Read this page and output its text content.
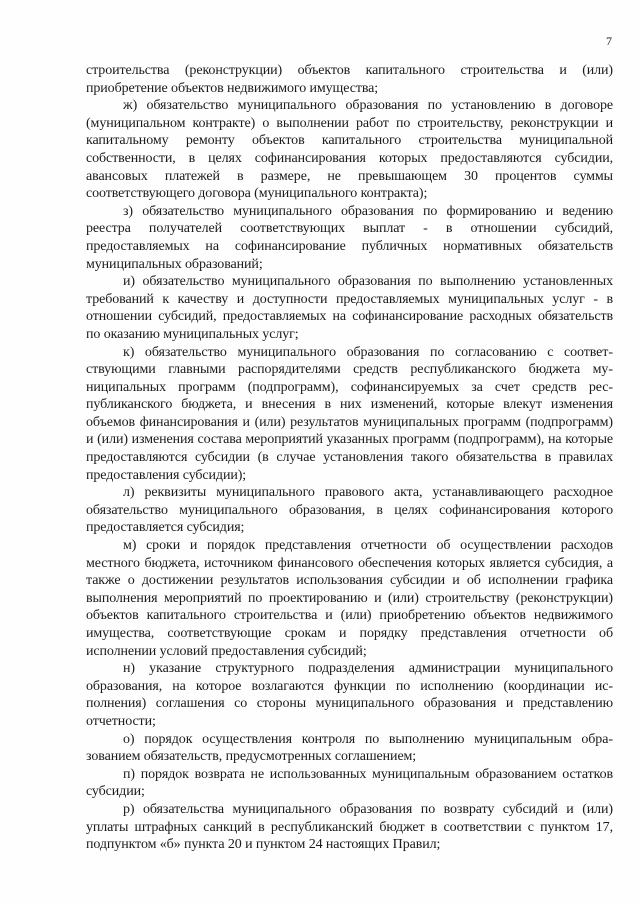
7

строительства (реконструкции) объектов капитального строительства и (или) приобретение объектов недвижимого имущества;

ж) обязательство муниципального образования по установлению в договоре (муниципальном контракте) о выполнении работ по строительству, реконструкции и капитальному ремонту объектов капитального строительства муниципальной собственности, в целях софинансирования которых предоставляются субсидии, авансовых платежей в размере, не превышающем 30 процентов суммы соответствующего договора (муниципального контракта);

з) обязательство муниципального образования по формированию и ведению реестра получателей соответствующих выплат - в отношении субсидий, предоставляемых на софинансирование публичных нормативных обязательств муниципальных образований;

и) обязательство муниципального образования по выполнению установленных требований к качеству и доступности предоставляемых муниципальных услуг - в отношении субсидий, предоставляемых на софинансирование расходных обязательств по оказанию муниципальных услуг;

к) обязательство муниципального образования по согласованию с соответствующими главными распорядителями средств республиканского бюджета муниципальных программ (подпрограмм), софинансируемых за счет средств республиканского бюджета, и внесения в них изменений, которые влекут изменения объемов финансирования и (или) результатов муниципальных программ (подпрограмм) и (или) изменения состава мероприятий указанных программ (подпрограмм), на которые предоставляются субсидии (в случае установления такого обязательства в правилах предоставления субсидии);

л) реквизиты муниципального правового акта, устанавливающего расходное обязательство муниципального образования, в целях софинансирования которого предоставляется субсидия;

м) сроки и порядок представления отчетности об осуществлении расходов местного бюджета, источником финансового обеспечения которых является субсидия, а также о достижении результатов использования субсидии и об исполнении графика выполнения мероприятий по проектированию и (или) строительству (реконструкции) объектов капитального строительства и (или) приобретению объектов недвижимого имущества, соответствующие срокам и порядку представления отчетности об исполнении условий предоставления субсидий;

н) указание структурного подразделения администрации муниципального образования, на которое возлагаются функции по исполнению (координации исполнения) соглашения со стороны муниципального образования и представлению отчетности;

о) порядок осуществления контроля по выполнению муниципальным образованием обязательств, предусмотренных соглашением;

п) порядок возврата не использованных муниципальным образованием остатков субсидии;

р) обязательства муниципального образования по возврату субсидий и (или) уплаты штрафных санкций в республиканский бюджет в соответствии с пунктом 17, подпунктом «б» пункта 20 и пунктом 24 настоящих Правил;
